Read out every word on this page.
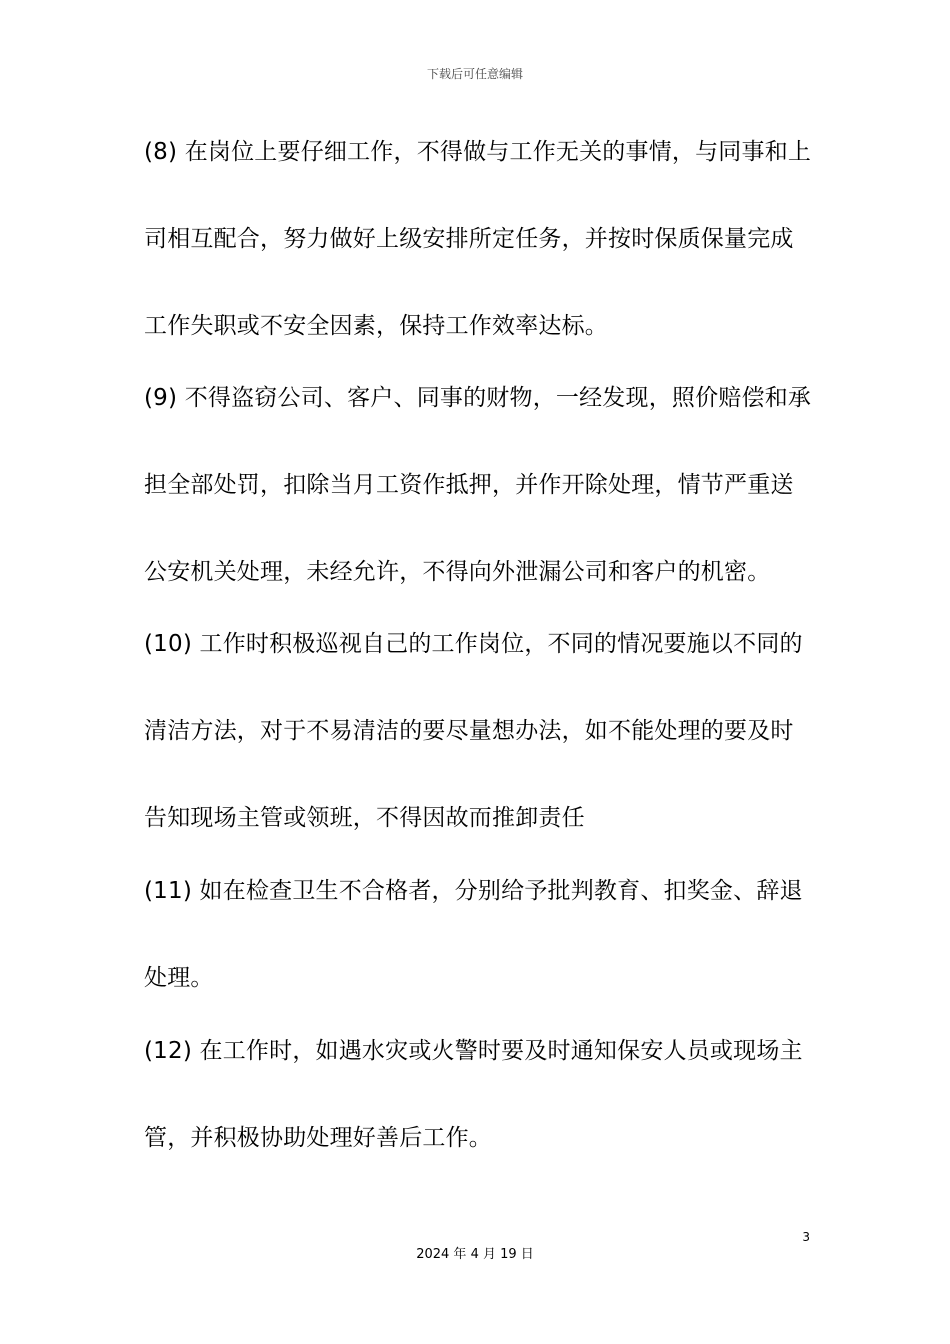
下载后可任意编辑
(8) 在岗位上要仔细工作，不得做与工作无关的事情，与同事和上
司相互配合，努力做好上级安排所定任务，并按时保质保量完成
工作失职或不安全因素，保持工作效率达标。
(9) 不得盗窃公司、客户、同事的财物，一经发现，照价赔偿和承
担全部处罚，扣除当月工资作抵押，并作开除处理，情节严重送
公安机关处理，未经允许，不得向外泄漏公司和客户的机密。
(10) 工作时积极巡视自己的工作岗位，不同的情况要施以不同的
清洁方法，对于不易清洁的要尽量想办法，如不能处理的要及时
告知现场主管或领班，不得因故而推卸责任
(11) 如在检查卫生不合格者，分别给予批判教育、扣奖金、辞退
处理。
(12) 在工作时，如遇水灾或火警时要及时通知保安人员或现场主
管，并积极协助处理好善后工作。
3
2024 年 4 月 19 日
